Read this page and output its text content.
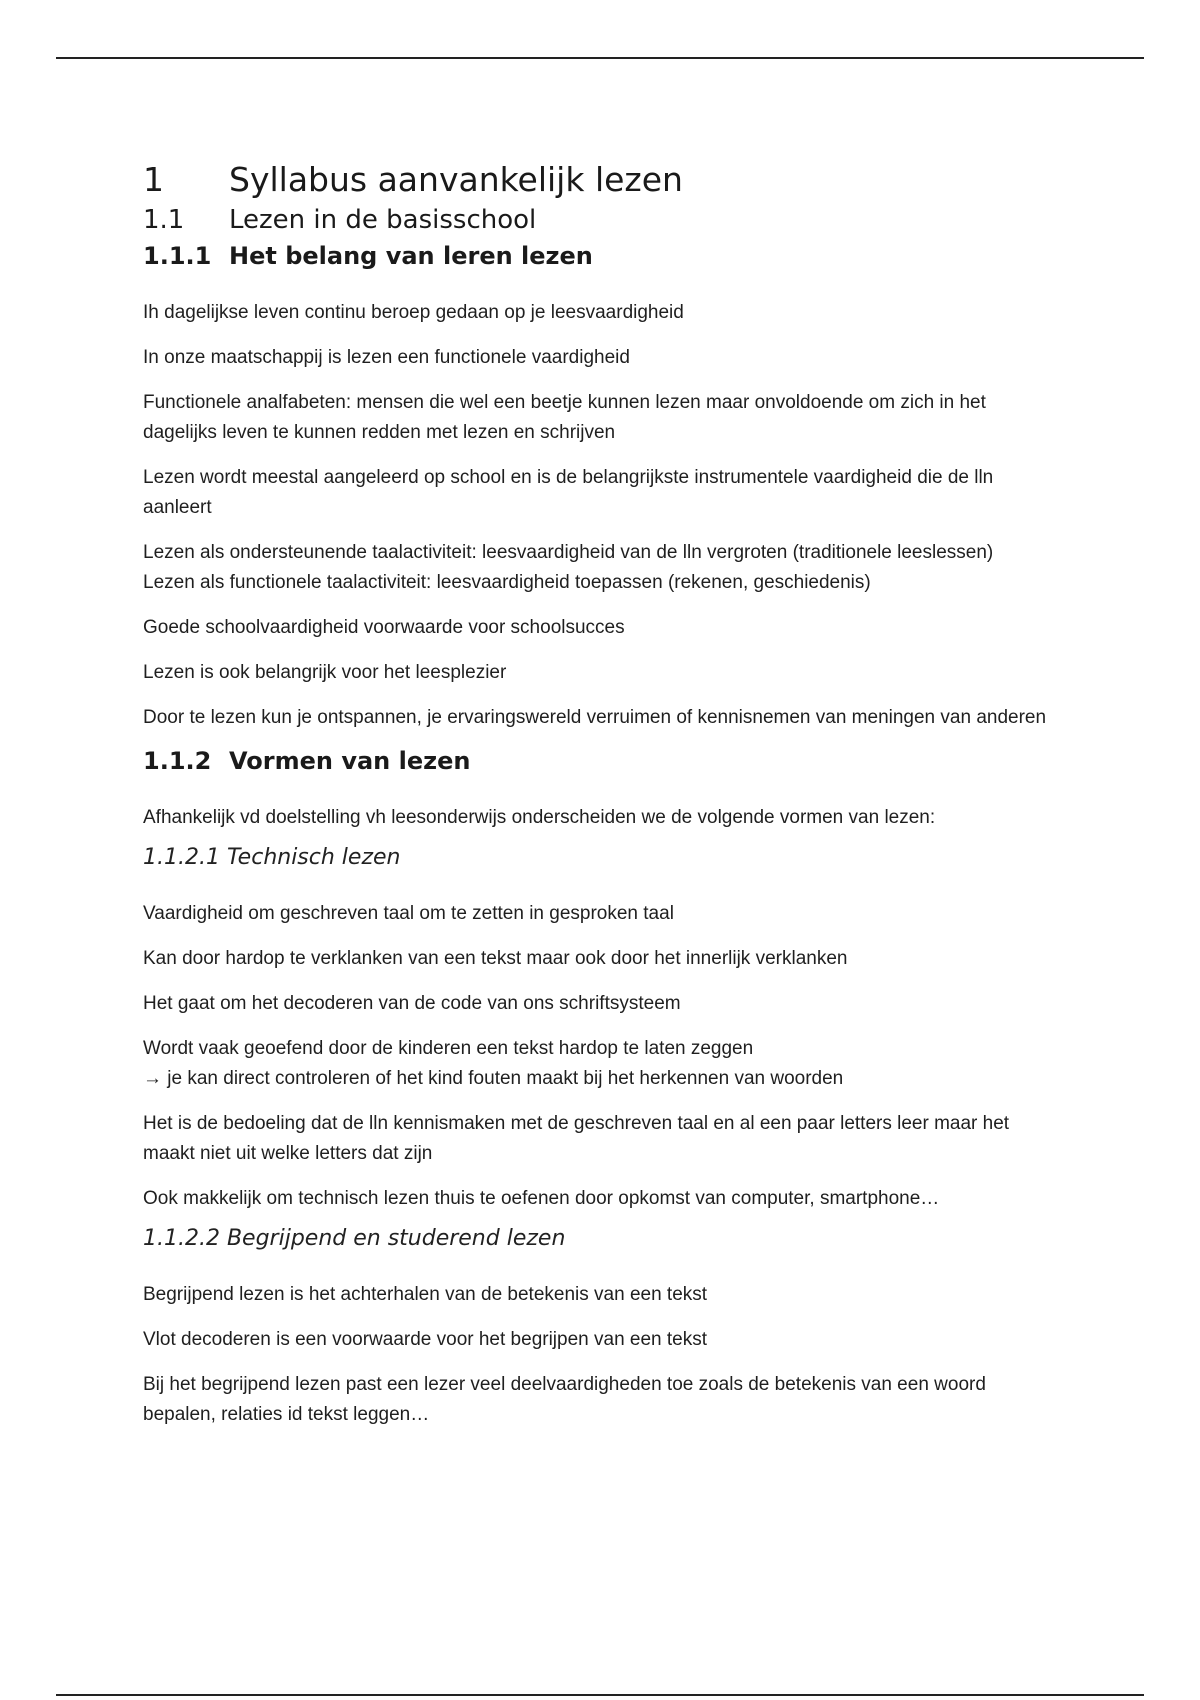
1	Syllabus aanvankelijk lezen
1.1	Lezen in de basisschool
1.1.1 Het belang van leren lezen

Ih dagelijkse leven continu beroep gedaan op je leesvaardigheid

In onze maatschappij is lezen een functionele vaardigheid

Functionele analfabeten: mensen die wel een beetje kunnen lezen maar onvoldoende om zich in het dagelijks leven te kunnen redden met lezen en schrijven

Lezen wordt meestal aangeleerd op school en is de belangrijkste instrumentele vaardigheid die de lln aanleert

Lezen als ondersteunende taalactiviteit: leesvaardigheid van de lln vergroten (traditionele leeslessen)
Lezen als functionele taalactiviteit: leesvaardigheid toepassen (rekenen, geschiedenis)

Goede schoolvaardigheid voorwaarde voor schoolsucces

Lezen is ook belangrijk voor het leesplezier

Door te lezen kun je ontspannen, je ervaringswereld verruimen of kennisnemen van meningen van anderen

1.1.2 Vormen van lezen

Afhankelijk vd doelstelling vh leesonderwijs onderscheiden we de volgende vormen van lezen:

1.1.2.1 Technisch lezen

Vaardigheid om geschreven taal om te zetten in gesproken taal

Kan door hardop te verklanken van een tekst maar ook door het innerlijk verklanken

Het gaat om het decoderen van de code van ons schriftsysteem

Wordt vaak geoefend door de kinderen een tekst hardop te laten zeggen
→ je kan direct controleren of het kind fouten maakt bij het herkennen van woorden

Het is de bedoeling dat de lln kennismaken met de geschreven taal en al een paar letters leer maar het maakt niet uit welke letters dat zijn

Ook makkelijk om technisch lezen thuis te oefenen door opkomst van computer, smartphone…

1.1.2.2 Begrijpend en studerend lezen

Begrijpend lezen is het achterhalen van de betekenis van een tekst

Vlot decoderen is een voorwaarde voor het begrijpen van een tekst

Bij het begrijpend lezen past een lezer veel deelvaardigheden toe zoals de betekenis van een woord bepalen, relaties id tekst leggen…
